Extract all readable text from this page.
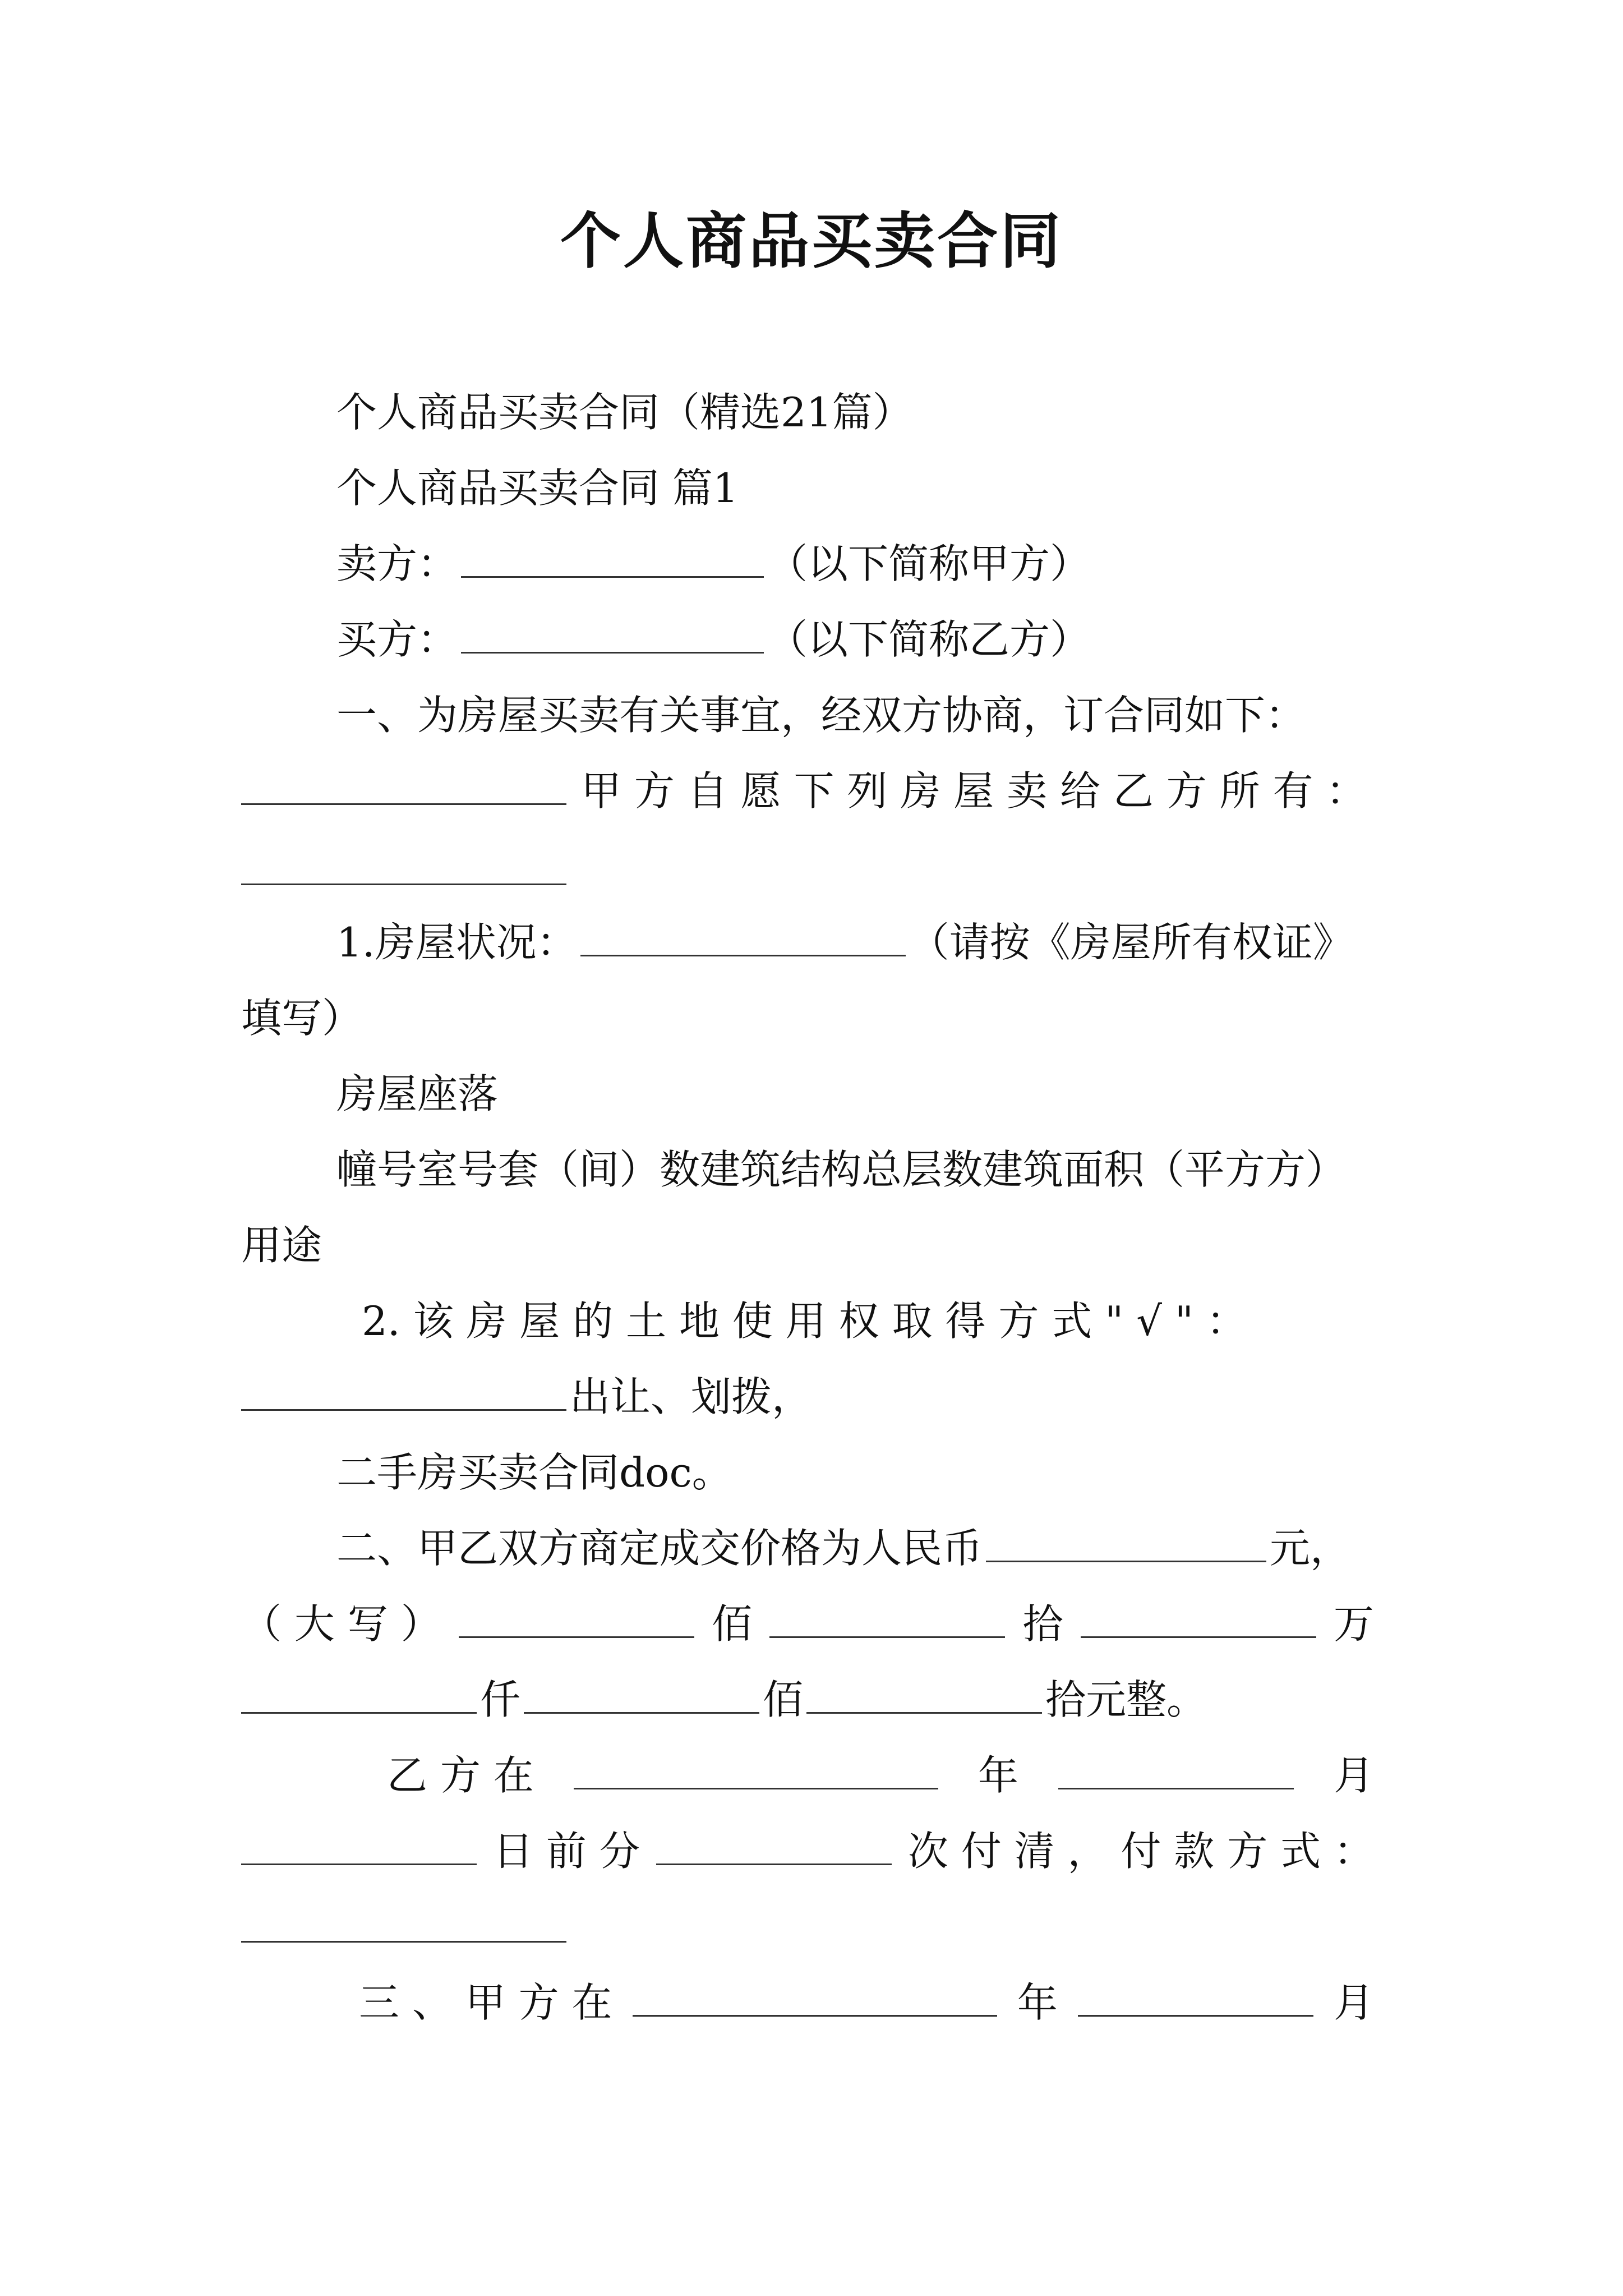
个人商品买卖合同
个人商品买卖合同（精选21篇）
个人商品买卖合同 篇1
卖方：	（以下简称甲方）
买方：	（以下简称乙方）
一、为房屋买卖有关事宜，经双方协商，订合同如下：
甲 方 自 愿 下 列 房 屋 卖 给 乙 方 所 有 ：
1.房屋状况：	（请按《房屋所有权证》
填写）
房屋座落
幢号室号套（间）数建筑结构总层数建筑面积（平方方）
用途
2. 该 房 屋 的 土 地 使 用 权 取 得 方 式 " √ " ：
出让、划拨，
二手房买卖合同doc。
二、甲乙双方商定成交价格为人民币	元，
（ 大 写 ）	佰	拾	万
仟	佰	拾元整。
乙 方 在	年	月
日 前 分	次 付 清 ， 付 款 方 式 ：
三 、 甲 方 在	年	月
